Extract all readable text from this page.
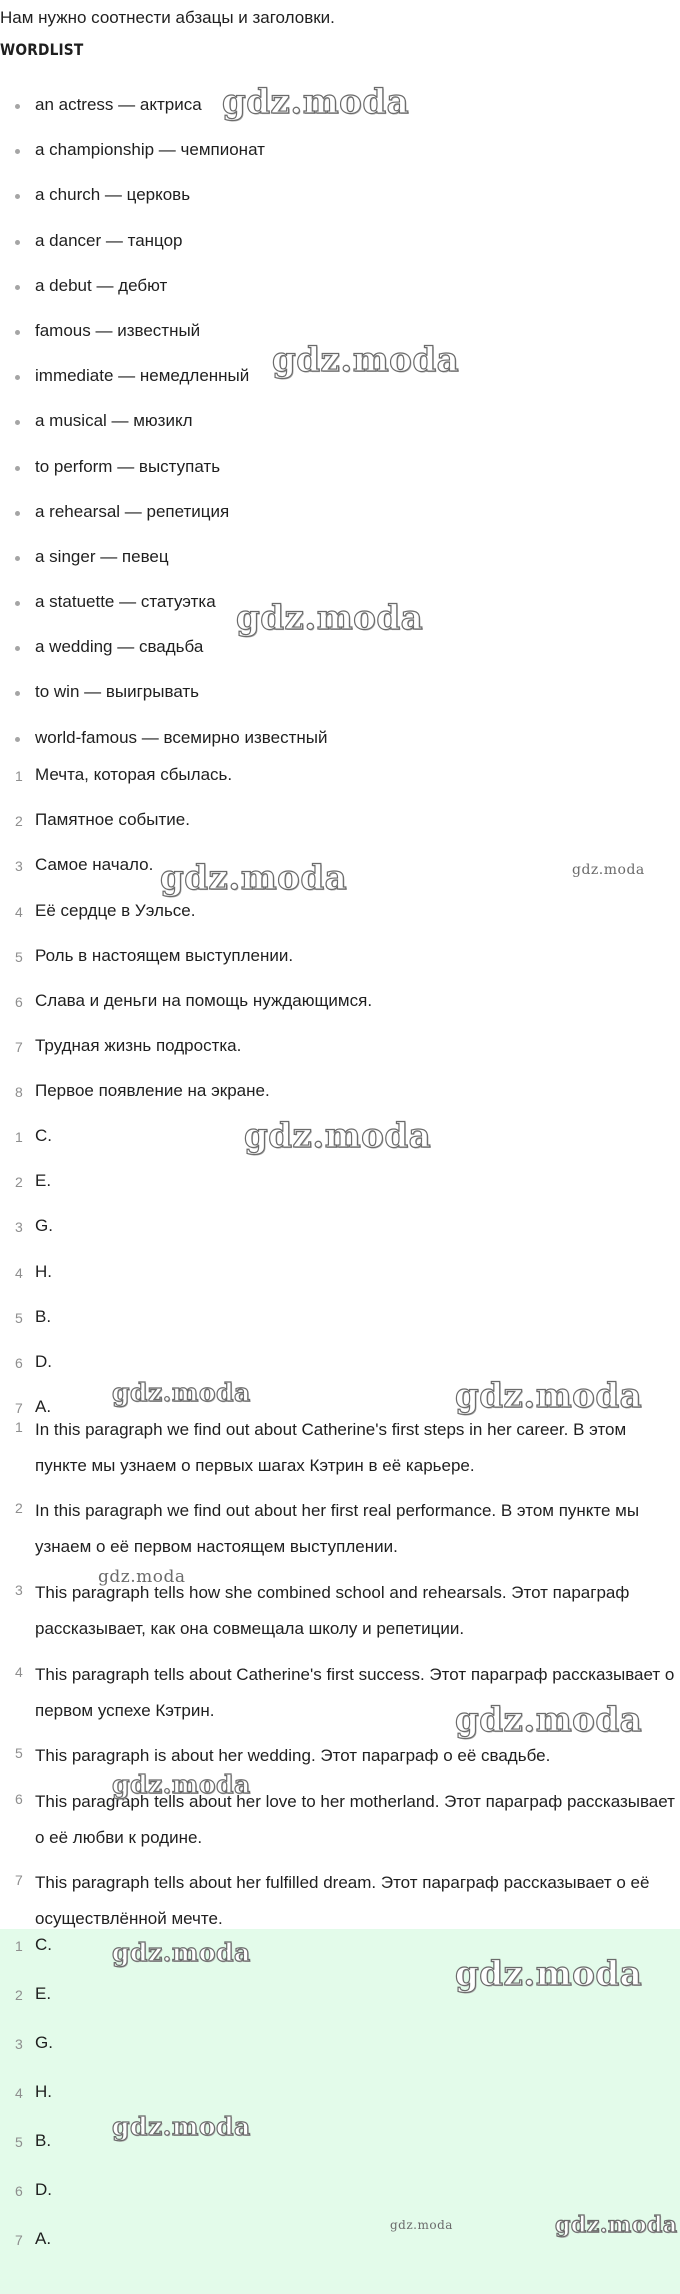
Нам нужно соотнести абзацы и заголовки.
WORDLIST
an actress — актриса
a championship — чемпионат
a church — церковь
a dancer — танцор
a debut — дебют
famous — известный
immediate — немедленный
a musical — мюзикл
to perform — выступать
a rehearsal — репетиция
a singer — певец
a statuette — статуэтка
a wedding — свадьба
to win — выигрывать
world-famous — всемирно известный
1 Мечта, которая сбылась.
2 Памятное событие.
3 Самое начало.
4 Её сердце в Уэльсе.
5 Роль в настоящем выступлении.
6 Слава и деньги на помощь нуждающимся.
7 Трудная жизнь подростка.
8 Первое появление на экране.
1 C.
2 E.
3 G.
4 H.
5 B.
6 D.
7 A.
1 In this paragraph we find out about Catherine's first steps in her career. В этом пункте мы узнаем о первых шагах Кэтрин в её карьере.
2 In this paragraph we find out about her first real performance. В этом пункте мы узнаем о её первом настоящем выступлении.
3 This paragraph tells how she combined school and rehearsals. Этот параграф рассказывает, как она совмещала школу и репетиции.
4 This paragraph tells about Catherine's first success. Этот параграф рассказывает о первом успехе Кэтрин.
5 This paragraph is about her wedding. Этот параграф о её свадьбе.
6 This paragraph tells about her love to her motherland. Этот параграф рассказывает о её любви к родине.
7 This paragraph tells about her fulfilled dream. Этот параграф рассказывает о её осуществлённой мечте.
1 C.
2 E.
3 G.
4 H.
5 B.
6 D.
7 A.
gdz.moda
gdz.moda
gdz.moda
gdz.moda	gdz.moda
gdz.moda
gdz.moda	gdz.moda
gdz.moda
gdz.moda
gdz.moda
gdz.moda
gdz.moda
gdz.moda
gdz.moda	gdz.moda
